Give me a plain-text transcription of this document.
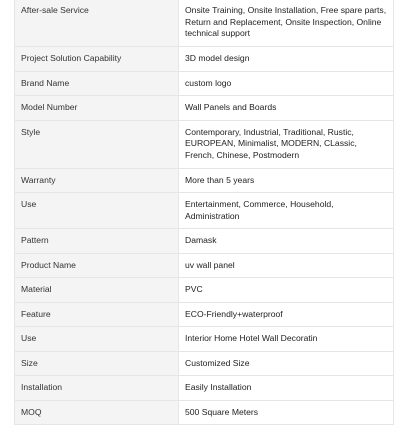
After-sale Service	Onsite Training, Onsite Installation, Free spare parts, Return and Replacement, Onsite Inspection, Online technical support
Project Solution Capability	3D model design
Brand Name	custom logo
Model Number	Wall Panels and Boards
Style	Contemporary, Industrial, Traditional, Rustic, EUROPEAN, Minimalist, MODERN, CLassic, French, Chinese, Postmodern
Warranty	More than 5 years
Use	Entertainment, Commerce, Household, Administration
Pattern	Damask
Product Name	uv wall panel
Material	PVC
Feature	ECO-Friendly+waterproof
Use	Interior Home Hotel Wall Decoratin
Size	Customized Size
Installation	Easily Installation
MOQ	500 Square Meters
